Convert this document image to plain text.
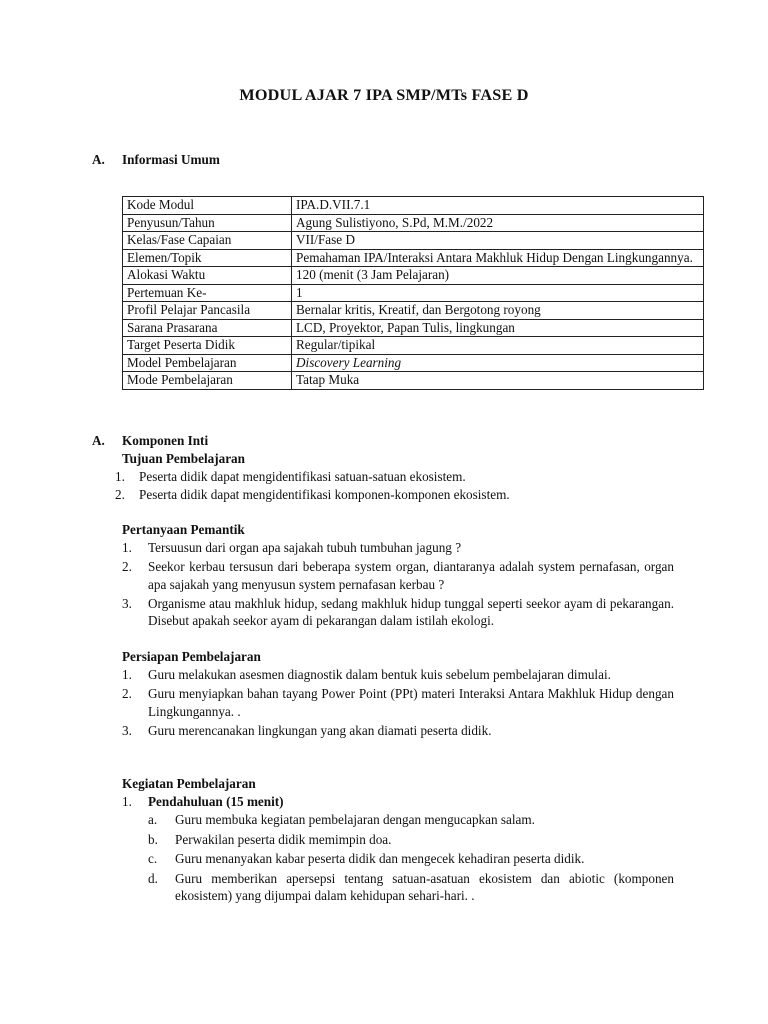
MODUL AJAR 7 IPA SMP/MTs FASE D
A. Informasi Umum
Kode Modul	IPA.D.VII.7.1
Penyusun/Tahun	Agung Sulistiyono, S.Pd, M.M./2022
Kelas/Fase Capaian	VII/Fase D
Elemen/Topik	Pemahaman IPA/Interaksi Antara Makhluk Hidup Dengan Lingkungannya.
Alokasi Waktu	120 (menit (3 Jam Pelajaran)
Pertemuan Ke-	1
Profil Pelajar Pancasila	Bernalar kritis, Kreatif, dan Bergotong royong
Sarana Prasarana	LCD, Proyektor, Papan Tulis, lingkungan
Target Peserta Didik	Regular/tipikal
Model Pembelajaran	Discovery Learning
Mode Pembelajaran	Tatap Muka
A. Komponen Inti
Tujuan Pembelajaran
1.	Peserta didik dapat mengidentifikasi satuan-satuan ekosistem.
2.	Peserta didik dapat mengidentifikasi komponen-komponen ekosistem.
Pertanyaan Pemantik
1.	Tersuusun dari organ apa sajakah tubuh tumbuhan jagung ?
2.	Seekor kerbau tersusun dari beberapa system organ, diantaranya adalah system pernafasan, organ apa sajakah yang menyusun system pernafasan kerbau ?
3.	Organisme atau makhluk hidup, sedang makhluk hidup tunggal seperti seekor ayam di pekarangan. Disebut apakah seekor ayam di pekarangan dalam istilah ekologi.
Persiapan Pembelajaran
1.	Guru melakukan asesmen diagnostik dalam bentuk kuis sebelum pembelajaran dimulai.
2.	Guru menyiapkan bahan tayang Power Point (PPt) materi Interaksi Antara Makhluk Hidup dengan Lingkungannya. .
3.	Guru merencanakan lingkungan yang akan diamati peserta didik.
Kegiatan Pembelajaran
1.	Pendahuluan (15 menit)
a.	Guru membuka kegiatan pembelajaran dengan mengucapkan salam.
b.	Perwakilan peserta didik memimpin doa.
c.	Guru menanyakan kabar peserta didik dan mengecek kehadiran peserta didik.
d.	Guru memberikan apersepsi tentang satuan-asatuan ekosistem dan abiotic (komponen ekosistem) yang dijumpai dalam kehidupan sehari-hari. .
